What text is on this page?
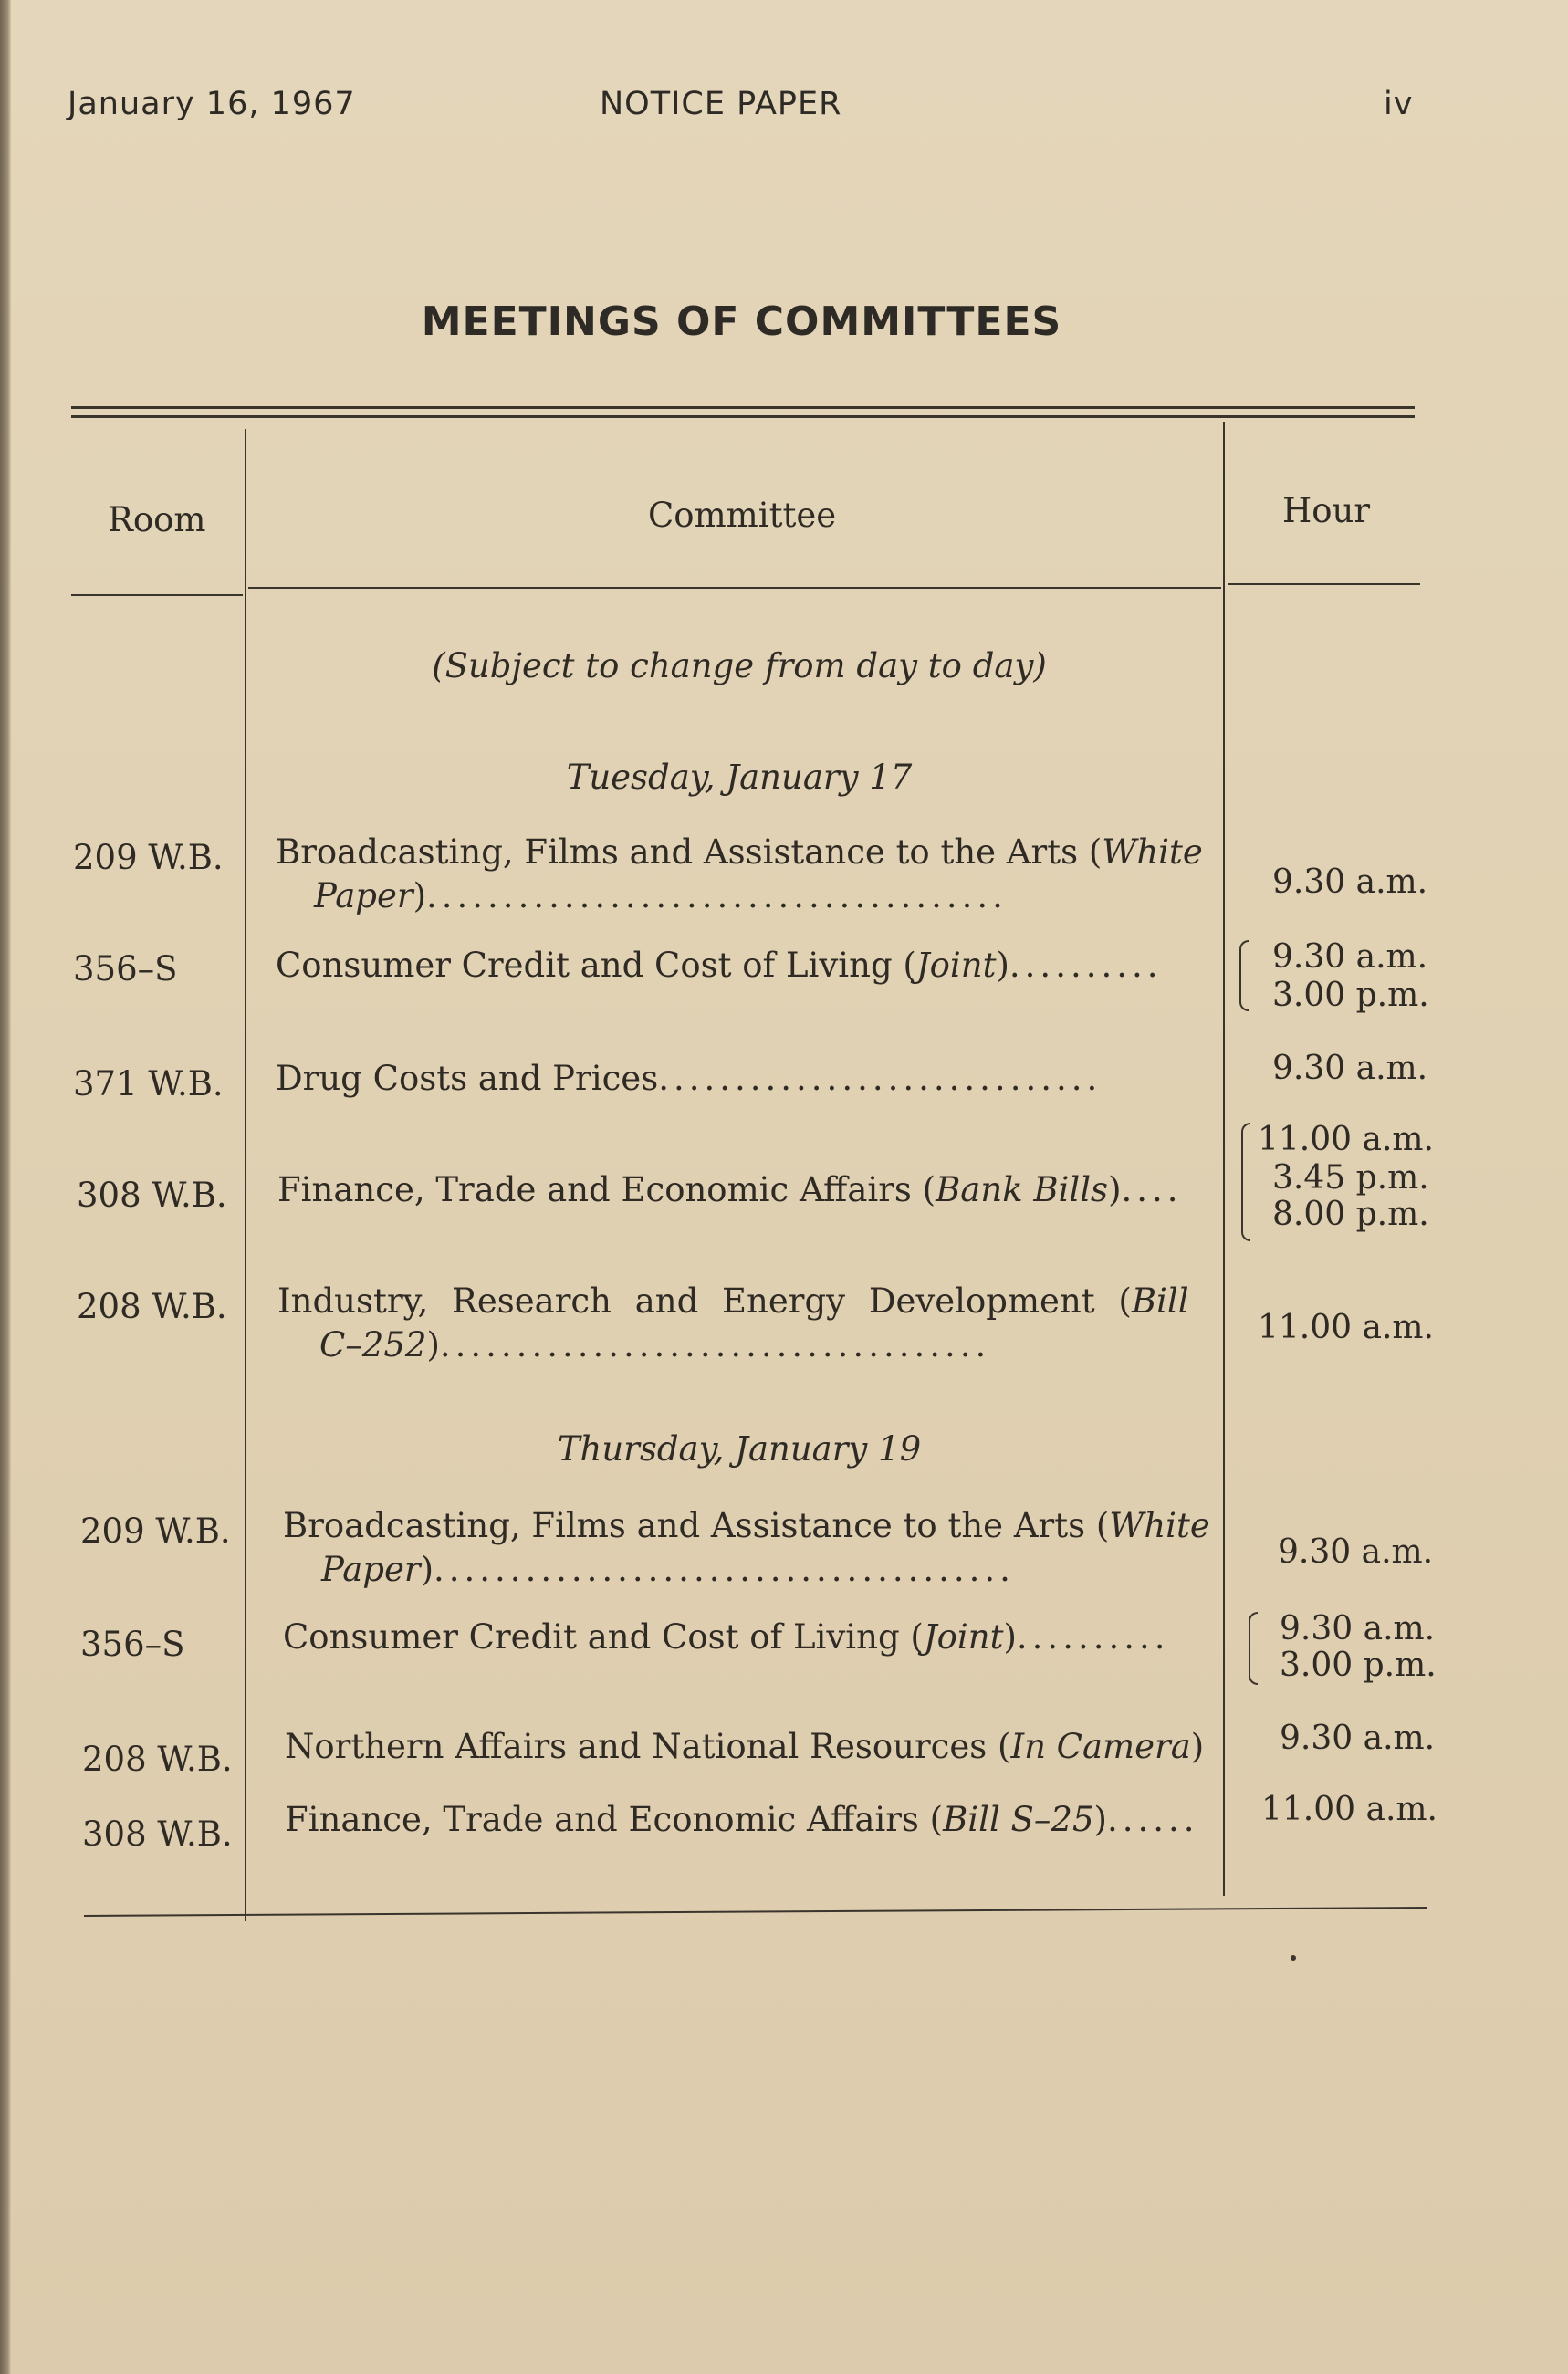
January 16, 1967	NOTICE PAPER	iv
MEETINGS OF COMMITTEES
Room	Committee	Hour
(Subject to change from day to day)
Tuesday, January 17
209 W.B. Broadcasting, Films and Assistance to the Arts (White
Paper)......................................	9.30 a.m.
356–S	Consumer Credit and Cost of Living (Joint)..........	9.30 a.m.
3.00 p.m.
371 W.B. Drug Costs and Prices.............................	9.30 a.m.
308 W.B. Finance, Trade and Economic Affairs (Bank Bills)....
11.00 a.m.
3.45 p.m.
8.00 p.m.
208 W.B. Industry, Research and Energy Development (Bill
C–252)....................................	11.00 a.m.
Thursday, January 19
209 W.B. Broadcasting, Films and Assistance to the Arts (White
Paper)......................................	9.30 a.m.
356–S	Consumer Credit and Cost of Living (Joint)..........	9.30 a.m.
3.00 p.m.
208 W.B. Northern Affairs and National Resources (In Camera) 9.30 a.m.
308 W.B. Finance, Trade and Economic Affairs (Bill S–25)...... 11.00 a.m.
